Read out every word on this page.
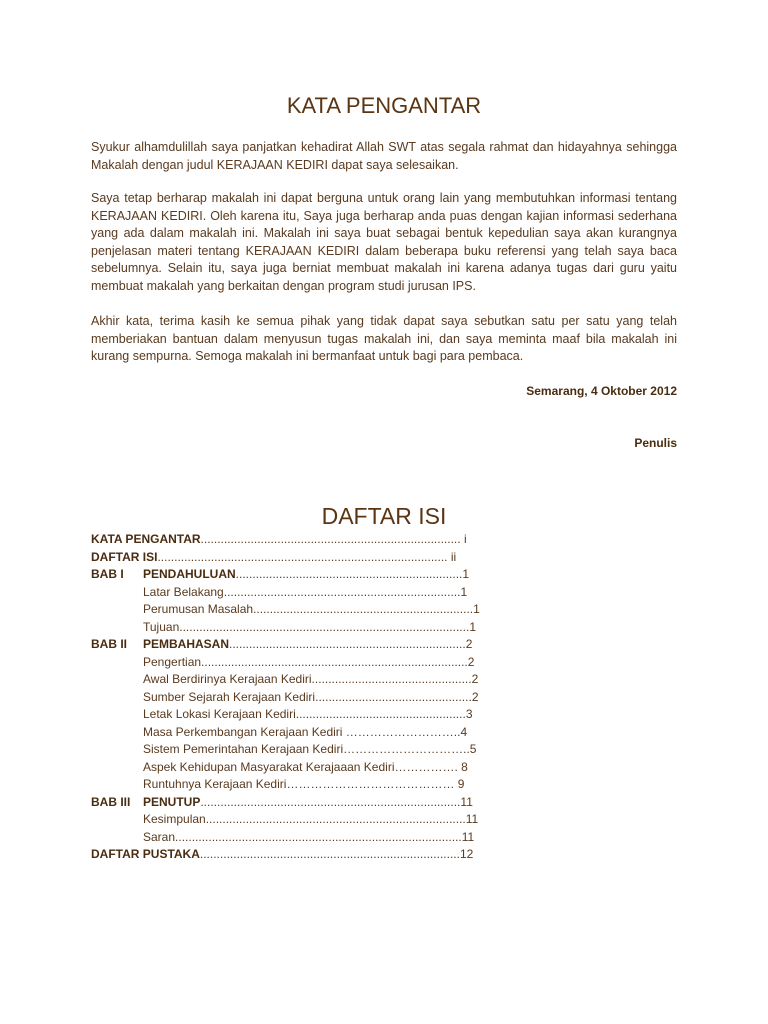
KATA PENGANTAR
Syukur alhamdulillah saya panjatkan kehadirat Allah SWT atas segala rahmat dan hidayahnya sehingga Makalah dengan judul KERAJAAN KEDIRI dapat saya selesaikan.
Saya tetap berharap makalah ini dapat berguna untuk orang lain yang membutuhkan informasi tentang KERAJAAN KEDIRI. Oleh karena itu, Saya juga berharap anda puas dengan kajian informasi sederhana yang ada dalam makalah ini. Makalah ini saya buat sebagai bentuk kepedulian saya akan kurangnya penjelasan materi tentang KERAJAAN KEDIRI dalam beberapa buku referensi yang telah saya baca sebelumnya. Selain itu, saya juga berniat membuat makalah ini karena adanya tugas dari guru yaitu membuat makalah yang berkaitan dengan program studi jurusan IPS.
Akhir kata, terima kasih ke semua pihak yang tidak dapat saya sebutkan satu per satu yang telah memberiakan bantuan dalam menyusun tugas makalah ini, dan saya meminta maaf bila makalah ini kurang sempurna. Semoga makalah ini bermanfaat untuk bagi para pembaca.
Semarang, 4 Oktober 2012
Penulis
DAFTAR ISI
KATA PENGANTAR.............................................................................. i
DAFTAR ISI....................................................................................... ii
BAB I PENDAHULUAN....................................................................1
Latar Belakang.......................................................................1
Perumusan Masalah..................................................................1
Tujuan.......................................................................................1
BAB II PEMBAHASAN.......................................................................2
Pengertian................................................................................2
Awal Berdirinya Kerajaan Kediri................................................2
Sumber Sejarah Kerajaan Kediri...............................................2
Letak Lokasi Kerajaan Kediri...................................................3
Masa Perkembangan Kerajaan Kediri ………………………..4
Sistem Pemerintahan Kerajaan Kediri…………………………..5
Aspek Kehidupan Masyarakat Kerajaaan Kediri……………. 8
Runtuhnya Kerajaan Kediri…………………………………… 9
BAB III PENUTUP..............................................................................11
Kesimpulan..............................................................................11
Saran......................................................................................11
DAFTAR PUSTAKA..............................................................................12
